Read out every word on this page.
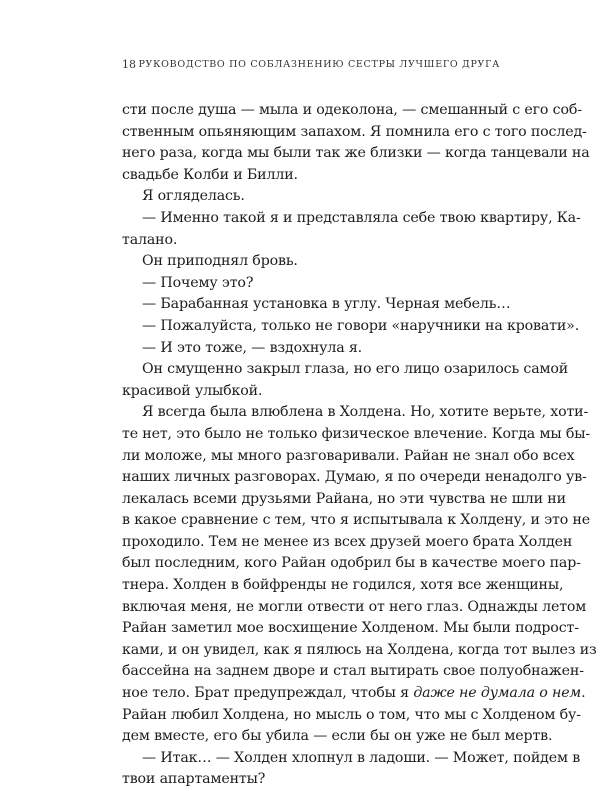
18 РУКОВОДСТВО ПО СОБЛАЗНЕНИЮ СЕСТРЫ ЛУЧШЕГО ДРУГА
сти после душа — мыла и одеколона, — смешанный с его соб-
ственным опьяняющим запахом. Я помнила его с того послед-
него раза, когда мы были так же близки — когда танцевали на
свадьбе Колби и Билли.
Я огляделась.
— Именно такой я и представляла себе твою квартиру, Ка-
талано.
Он приподнял бровь.
— Почему это?
— Барабанная установка в углу. Черная мебель…
— Пожалуйста, только не говори «наручники на кровати».
— И это тоже, — вздохнула я.
Он смущенно закрыл глаза, но его лицо озарилось самой
красивой улыбкой.
Я всегда была влюблена в Холдена. Но, хотите верьте, хоти-
те нет, это было не только физическое влечение. Когда мы бы-
ли моложе, мы много разговаривали. Райан не знал обо всех
наших личных разговорах. Думаю, я по очереди ненадолго ув-
лекалась всеми друзьями Райана, но эти чувства не шли ни
в какое сравнение с тем, что я испытывала к Холдену, и это не
проходило. Тем не менее из всех друзей моего брата Холден
был последним, кого Райан одобрил бы в качестве моего пар-
тнера. Холден в бойфренды не годился, хотя все женщины,
включая меня, не могли отвести от него глаз. Однажды летом
Райан заметил мое восхищение Холденом. Мы были подрост-
ками, и он увидел, как я пялюсь на Холдена, когда тот вылез из
бассейна на заднем дворе и стал вытирать свое полуобнажен-
ное тело. Брат предупреждал, чтобы я даже не думала о нем.
Райан любил Холдена, но мысль о том, что мы с Холденом бу-
дем вместе, его бы убила — если бы он уже не был мертв.
— Итак… — Холден хлопнул в ладоши. — Может, пойдем в
твои апартаменты?
